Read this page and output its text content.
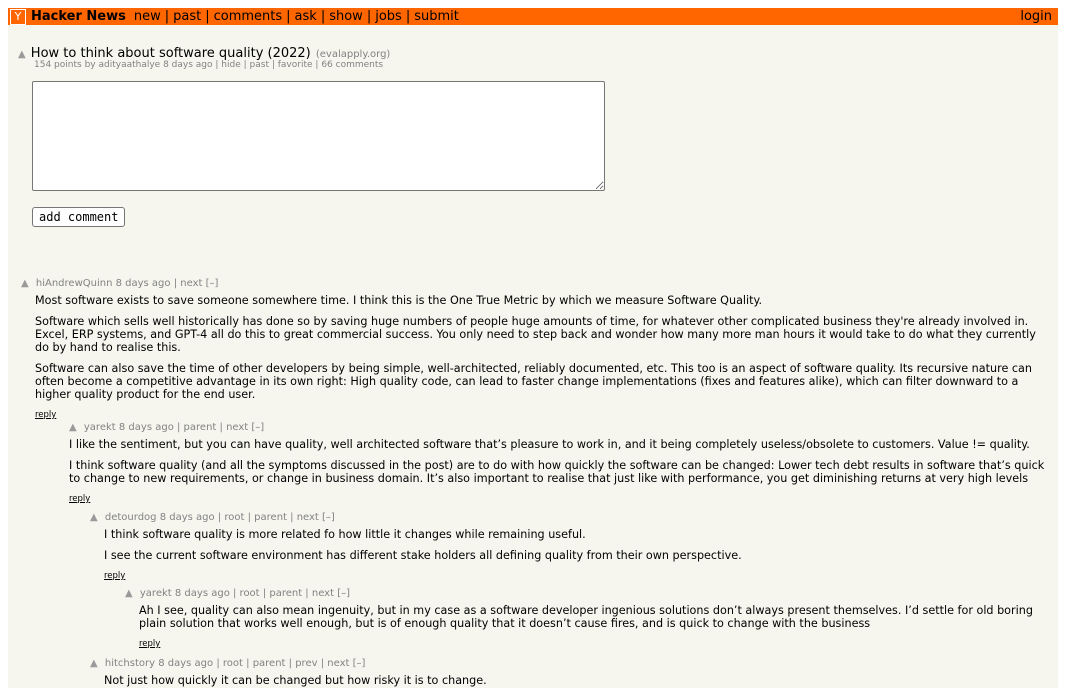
Y Hacker News new | past | comments | ask | show | jobs | submit	login
▲ How to think about software quality (2022) (evalapply.org)
154 points by adityaathalye 8 days ago | hide | past | favorite | 66 comments
add comment
▲ hiAndrewQuinn 8 days ago | next [–]

Most software exists to save someone somewhere time. I think this is the One True Metric by which we measure Software Quality.

Software which sells well historically has done so by saving huge numbers of people huge amounts of time, for whatever other complicated business they're already involved in. Excel, ERP systems, and GPT-4 all do this to great commercial success. You only need to step back and wonder how many more man hours it would take to do what they currently do by hand to realise this.

Software can also save the time of other developers by being simple, well-architected, reliably documented, etc. This too is an aspect of software quality. Its recursive nature can often become a competitive advantage in its own right: High quality code, can lead to faster change implementations (fixes and features alike), which can filter downward to a higher quality product for the end user.

reply
▲ yarekt 8 days ago | parent | next [–]

I like the sentiment, but you can have quality, well architected software that’s pleasure to work in, and it being completely useless/obsolete to customers. Value != quality.

I think software quality (and all the symptoms discussed in the post) are to do with how quickly the software can be changed: Lower tech debt results in software that’s quick to change to new requirements, or change in business domain. It’s also important to realise that just like with performance, you get diminishing returns at very high levels

reply
▲ detourdog 8 days ago | root | parent | next [–]

I think software quality is more related fo how little it changes while remaining useful.

I see the current software environment has different stake holders all defining quality from their own perspective.

reply
▲ yarekt 8 days ago | root | parent | next [–]

Ah I see, quality can also mean ingenuity, but in my case as a software developer ingenious solutions don’t always present themselves. I’d settle for old boring plain solution that works well enough, but is of enough quality that it doesn’t cause fires, and is quick to change with the business

reply
▲ hitchstory 8 days ago | root | parent | prev | next [–]

Not just how quickly it can be changed but how risky it is to change.
